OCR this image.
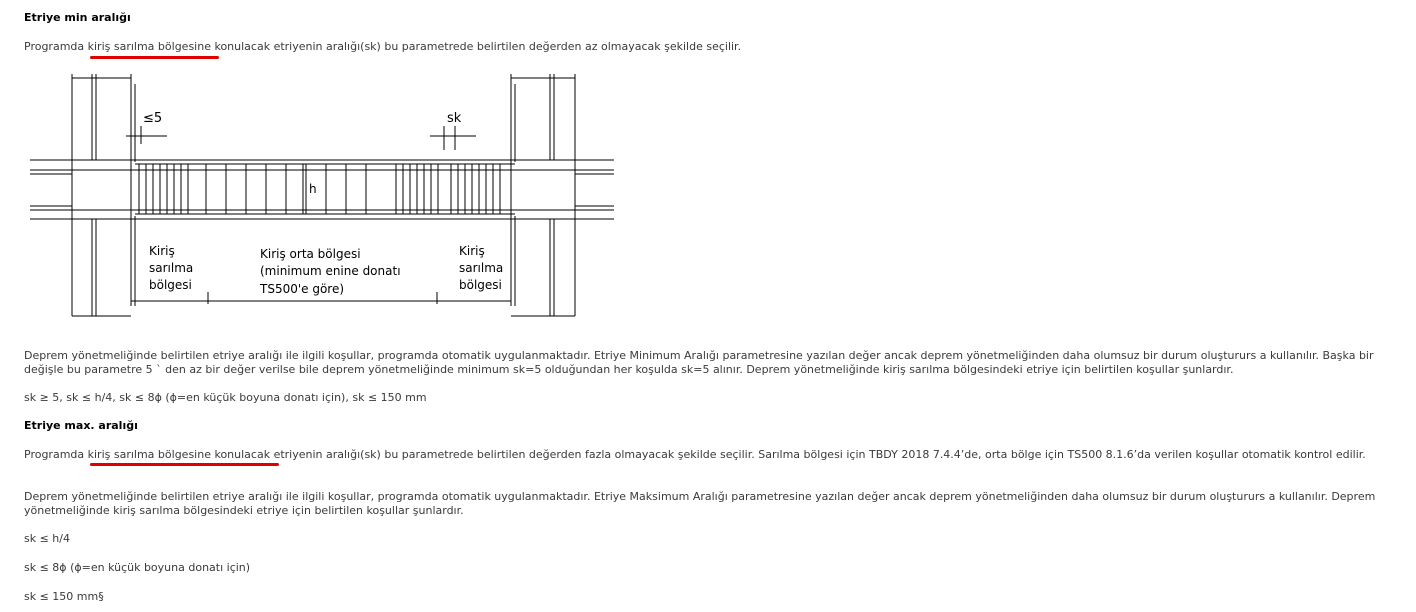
Etriye min aralığı

Programda kiriş sarılma bölgesine konulacak etriyenin aralığı(sk) bu parametrede belirtilen değerden az olmayacak şekilde seçilir.

≤5	sk
h
Kiriş
sarılma
bölgesi
Kiriş orta bölgesi
(minimum enine donatı
TS500'e göre)
Kiriş
sarılma
bölgesi

Deprem yönetmeliğinde belirtilen etriye aralığı ile ilgili koşullar, programda otomatik uygulanmaktadır. Etriye Minimum Aralığı parametresine yazılan değer ancak deprem yönetmeliğinden daha olumsuz bir durum oluştururs a kullanılır. Başka bir değişle bu parametre 5 ` den az bir değer verilse bile deprem yönetmeliğinde minimum sk=5 olduğundan her koşulda sk=5 alınır. Deprem yönetmeliğinde kiriş sarılma bölgesindeki etriye için belirtilen koşullar şunlardır.

sk ≥ 5, sk ≤ h/4, sk ≤ 8ϕ (ϕ=en küçük boyuna donatı için), sk ≤ 150 mm

Etriye max. aralığı

Programda kiriş sarılma bölgesine konulacak etriyenin aralığı(sk) bu parametrede belirtilen değerden fazla olmayacak şekilde seçilir. Sarılma bölgesi için TBDY 2018 7.4.4’de, orta bölge için TS500 8.1.6’da verilen koşullar otomatik kontrol edilir.

Deprem yönetmeliğinde belirtilen etriye aralığı ile ilgili koşullar, programda otomatik uygulanmaktadır. Etriye Maksimum Aralığı parametresine yazılan değer ancak deprem yönetmeliğinden daha olumsuz bir durum oluştururs a kullanılır. Deprem yönetmeliğinde kiriş sarılma bölgesindeki etriye için belirtilen koşullar şunlardır.

sk ≤ h/4

sk ≤ 8ϕ (ϕ=en küçük boyuna donatı için)

sk ≤ 150 mm§
